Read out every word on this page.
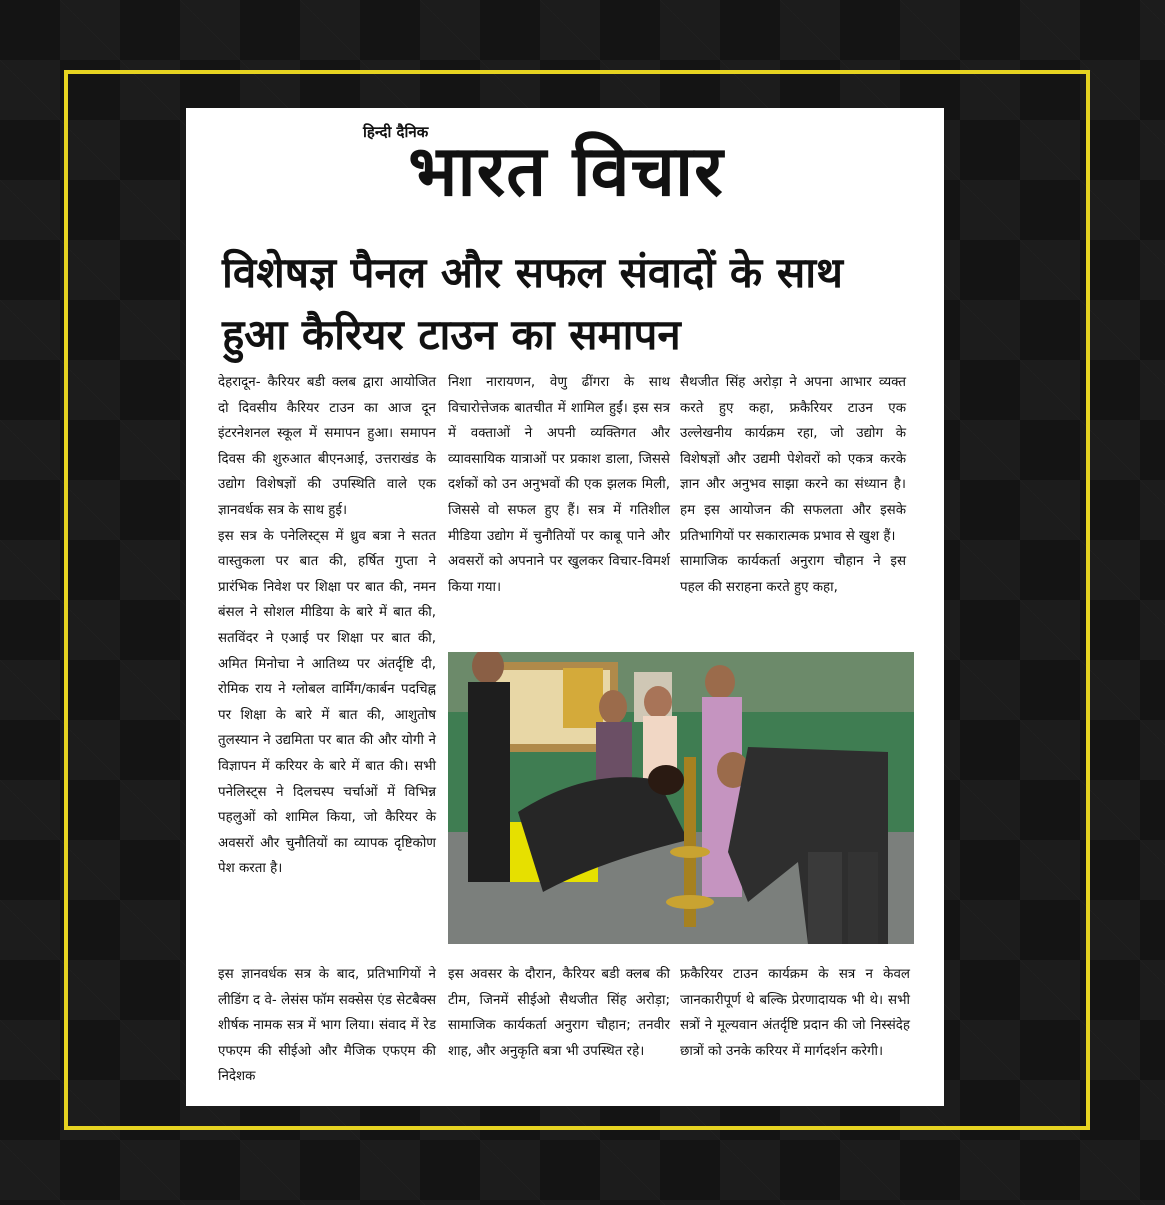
हिन्दी दैनिक
भारत विचार
विशेषज्ञ पैनल और सफल संवादों के साथ हुआ कैरियर टाउन का समापन

देहरादून- कैरियर बडी क्लब द्वारा आयोजित दो दिवसीय कैरियर टाउन का आज दून इंटरनेशनल स्कूल में समापन हुआ। समापन दिवस की शुरुआत बीएनआई, उत्तराखंड के उद्योग विशेषज्ञों की उपस्थिति वाले एक ज्ञानवर्धक सत्र के साथ हुई।

इस सत्र के पनेलिस्ट्स में ध्रुव बत्रा ने सतत वास्तुकला पर बात की, हर्षित गुप्ता ने प्रारंभिक निवेश पर शिक्षा पर बात की, नमन बंसल ने सोशल मीडिया के बारे में बात की, सतविंदर ने एआई पर शिक्षा पर बात की, अमित मिनोचा ने आतिथ्य पर अंतर्दृष्टि दी, रोमिक राय ने ग्लोबल वार्मिंग/कार्बन पदचिह्न पर शिक्षा के बारे में बात की, आशुतोष तुलस्यान ने उद्यमिता पर बात की और योगी ने विज्ञापन में करियर के बारे में बात की। सभी पनेलिस्ट्स ने दिलचस्प चर्चाओं में विभिन्न पहलुओं को शामिल किया, जो कैरियर के अवसरों और चुनौतियों का व्यापक दृष्टिकोण पेश करता है।

निशा नारायणन, वेणु ढींगरा के साथ विचारोत्तेजक बातचीत में शामिल हुईं। इस सत्र में वक्ताओं ने अपनी व्यक्तिगत और व्यावसायिक यात्राओं पर प्रकाश डाला, जिससे दर्शकों को उन अनुभवों की एक झलक मिली, जिससे वो सफल हुए हैं। सत्र में गतिशील मीडिया उद्योग में चुनौतियों पर काबू पाने और अवसरों को अपनाने पर खुलकर विचार-विमर्श किया गया।

सैथजीत सिंह अरोड़ा ने अपना आभार व्यक्त करते हुए कहा, फ्रकैरियर टाउन एक उल्लेखनीय कार्यक्रम रहा, जो उद्योग के विशेषज्ञों और उद्यमी पेशेवरों को एकत्र करके ज्ञान और अनुभव साझा करने का संध्यान है। हम इस आयोजन की सफलता और इसके प्रतिभागियों पर सकारात्मक प्रभाव से खुश हैं।

सामाजिक कार्यकर्ता अनुराग चौहान ने इस पहल की सराहना करते हुए कहा,

इस ज्ञानवर्धक सत्र के बाद, प्रतिभागियों ने लीडिंग द वे- लेसंस फॉम सक्सेस एंड सेटबैक्स शीर्षक नामक सत्र में भाग लिया। संवाद में रेड एफएम की सीईओ और मैजिक एफएम की निदेशक

इस अवसर के दौरान, कैरियर बडी क्लब की टीम, जिनमें सीईओ सैथजीत सिंह अरोड़ा; सामाजिक कार्यकर्ता अनुराग चौहान; तनवीर शाह, और अनुकृति बत्रा भी उपस्थित रहे।

फ्रकैरियर टाउन कार्यक्रम के सत्र न केवल जानकारीपूर्ण थे बल्कि प्रेरणादायक भी थे। सभी सत्रों ने मूल्यवान अंतर्दृष्टि प्रदान की जो निस्संदेह छात्रों को उनके करियर में मार्गदर्शन करेगी।
